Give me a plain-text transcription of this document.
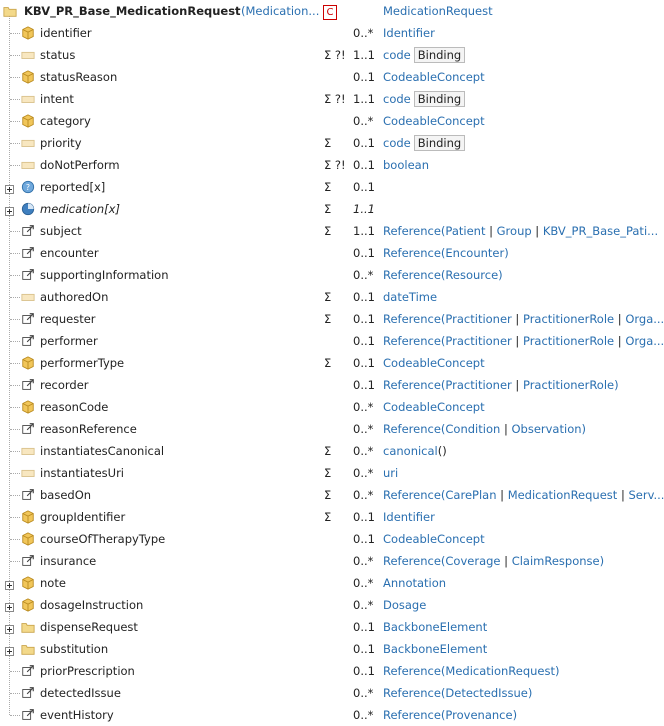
KBV_PR_Base_MedicationRequest (Medication... C	MedicationRequest
identifier	0..* Identifier
status	Σ ?! 1..1 code Binding
statusReason	0..1 CodeableConcept
intent	Σ ?! 1..1 code Binding
category	0..* CodeableConcept
priority	Σ 0..1 code Binding
doNotPerform	Σ ?! 0..1 boolean
? reported[x]	Σ 0..1
medication[x]	Σ 1..1
subject	Σ 1..1 Reference(Patient | Group | KBV_PR_Base_Pati...
encounter	0..1 Reference(Encounter)
supportingInformation	0..* Reference(Resource)
authoredOn	Σ 0..1 dateTime
requester	Σ 0..1 Reference(Practitioner | PractitionerRole | Orga...
performer	0..1 Reference(Practitioner | PractitionerRole | Orga...
performerType	Σ 0..1 CodeableConcept
recorder	0..1 Reference(Practitioner | PractitionerRole)
reasonCode	0..* CodeableConcept
reasonReference	0..* Reference(Condition | Observation)
instantiatesCanonical	Σ 0..* canonical()
instantiatesUri	Σ 0..* uri
basedOn	Σ 0..* Reference(CarePlan | MedicationRequest | Serv...
groupIdentifier	Σ 0..1 Identifier
courseOfTherapyType	0..1 CodeableConcept
insurance	0..* Reference(Coverage | ClaimResponse)
note	0..* Annotation
dosageInstruction	0..* Dosage
dispenseRequest	0..1 BackboneElement
substitution	0..1 BackboneElement
priorPrescription	0..1 Reference(MedicationRequest)
detectedIssue	0..* Reference(DetectedIssue)
eventHistory	0..* Reference(Provenance)
